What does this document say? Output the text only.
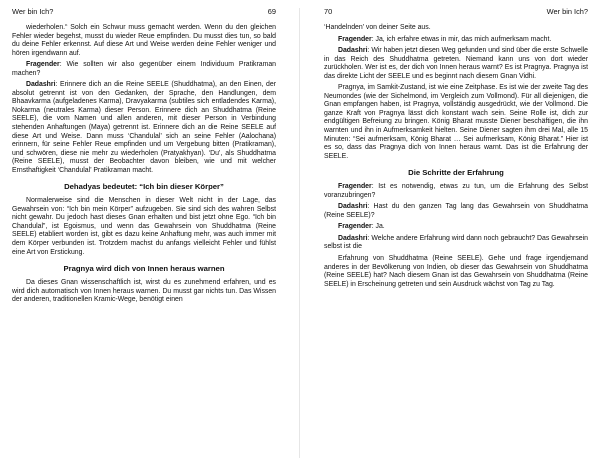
Wer bin Ich?	69

wiederholen.“ Solch ein Schwur muss gemacht werden. Wenn du den gleichen Fehler wieder begehst, musst du wieder Reue empfinden. Du musst dies tun, so bald du deine Fehler erkennst. Auf diese Art und Weise werden deine Fehler weniger und hören irgendwann auf.

Fragender: Wie sollten wir also gegenüber einem Individuum Pratikraman machen?

Dadashri: Erinnere dich an die Reine SEELE (Shuddhatma), an den Einen, der absolut getrennt ist von den Gedanken, der Sprache, den Handlungen, dem Bhaavkarma (aufgeladenes Karma), Dravyakarma (subtiles sich entladendes Karma), Nokarma (neutrales Karma) dieser Person. Erinnere dich an Shuddhatma (Reine SEELE), die vom Namen und allen anderen, mit dieser Person in Verbindung stehenden Anhaftungen (Maya) getrennt ist. Erinnere dich an die Reine SEELE auf diese Art und Weise. Dann muss ‘Chandulal’ sich an seine Fehler (Aalochana) erinnern, für seine Fehler Reue empfinden und um Vergebung bitten (Pratikraman), und schwören, diese nie mehr zu wiederholen (Pratyakhyan). ‘Du’, als Shuddhatma (Reine SEELE), musst der Beobachter davon bleiben, wie und mit welcher Ernsthaftigkeit ‘Chandulal’ Pratikraman macht.

Dehadyas bedeutet: “Ich bin dieser Körper”

Normalerweise sind die Menschen in dieser Welt nicht in der Lage, das Gewahrsein von: “Ich bin mein Körper” aufzugeben. Sie sind sich des wahren Selbst nicht gewahr. Du jedoch hast dieses Gnan erhalten und bist jetzt ohne Ego. “Ich bin Chandulal”, ist Egoismus, und wenn das Gewahrsein von Shuddhatma (Reine SEELE) etabliert worden ist, gibt es dazu keine Anhaftung mehr, was auch immer mit dem Körper verbunden ist. Trotzdem machst du anfangs vielleicht Fehler und fühlst eine Art von Erstickung.

Pragnya wird dich von Innen heraus warnen

Da dieses Gnan wissenschaftlich ist, wirst du es zunehmend erfahren, und es wird dich automatisch von Innen heraus warnen. Du musst gar nichts tun. Das Wissen der anderen, traditionellen Kramic-Wege, benötigt einen

70	Wer bin Ich?

‘Handelnden’ von deiner Seite aus.

Fragender: Ja, ich erfahre etwas in mir, das mich aufmerksam macht.

Dadashri: Wir haben jetzt diesen Weg gefunden und sind über die erste Schwelle in das Reich des Shuddhatma getreten. Niemand kann uns von dort wieder zurückholen. Wer ist es, der dich von Innen heraus warnt? Es ist Pragnya. Pragnya ist das direkte Licht der SEELE und es beginnt nach diesem Gnan Vidhi.

Pragnya, im Samkit-Zustand, ist wie eine Zeitphase. Es ist wie der zweite Tag des Neumondes (wie der Sichelmond, im Vergleich zum Vollmond). Für all diejenigen, die Gnan empfangen haben, ist Pragnya, vollständig ausgedrückt, wie der Vollmond. Die ganze Kraft von Pragnya lässt dich konstant wach sein. Seine Rolle ist, dich zur endgültigen Befreiung zu bringen. König Bharat musste Diener beschäftigen, die ihn warnten und ihn in Aufmerksamkeit hielten. Seine Diener sagten ihm drei Mal, alle 15 Minuten: “Sei aufmerksam, König Bharat … Sei aufmerksam, König Bharat.” Hier ist es so, dass das Pragnya dich von Innen heraus warnt. Das ist die Erfahrung der SEELE.

Die Schritte der Erfahrung

Fragender: Ist es notwendig, etwas zu tun, um die Erfahrung des Selbst voranzubringen?

Dadashri: Hast du den ganzen Tag lang das Gewahrsein von Shuddhatma (Reine SEELE)?

Fragender: Ja.

Dadashri: Welche andere Erfahrung wird dann noch gebraucht? Das Gewahrsein selbst ist die

Erfahrung von Shuddhatma (Reine SEELE). Gehe und frage irgendjemand anderes in der Bevölkerung von Indien, ob dieser das Gewahrsein von Shuddhatma (Reine SEELE) hat? Nach diesem Gnan ist das Gewahrsein von Shuddhatma (Reine SEELE) in Erscheinung getreten und sein Ausdruck wächst von Tag zu Tag.
